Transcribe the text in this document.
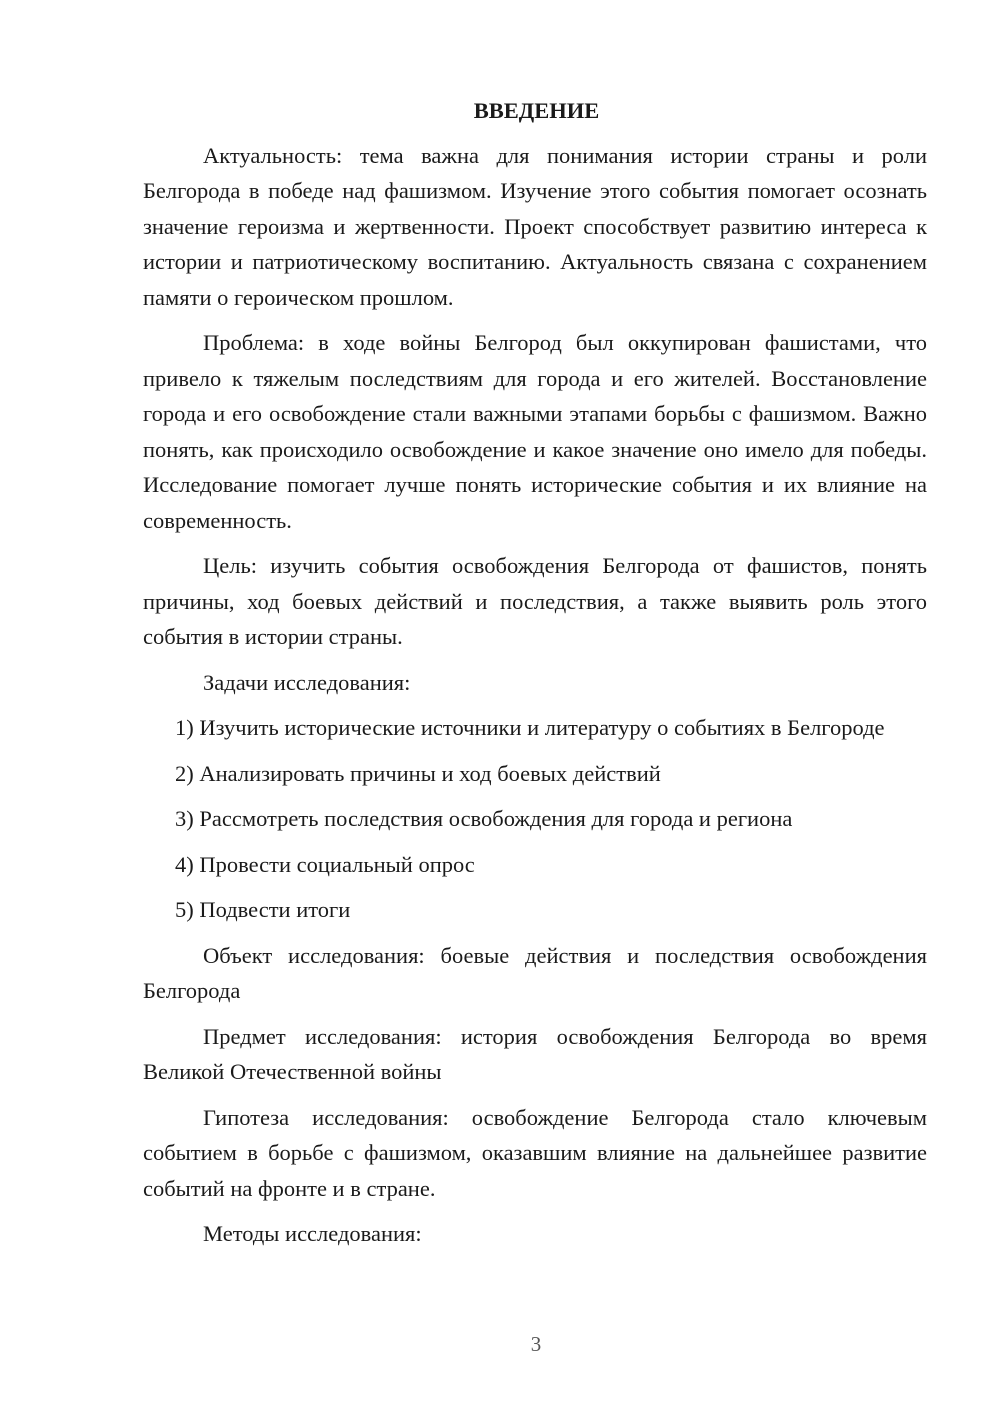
ВВЕДЕНИЕ

Актуальность: тема важна для понимания истории страны и роли Белгорода в победе над фашизмом. Изучение этого события помогает осознать значение героизма и жертвенности. Проект способствует развитию интереса к истории и патриотическому воспитанию. Актуальность связана с сохранением памяти о героическом прошлом.

Проблема: в ходе войны Белгород был оккупирован фашистами, что привело к тяжелым последствиям для города и его жителей. Восстановление города и его освобождение стали важными этапами борьбы с фашизмом. Важно понять, как происходило освобождение и какое значение оно имело для победы. Исследование помогает лучше понять исторические события и их влияние на современность.

Цель: изучить события освобождения Белгорода от фашистов, понять причины, ход боевых действий и последствия, а также выявить роль этого события в истории страны.

Задачи исследования:

1) Изучить исторические источники и литературу о событиях в Белгороде

2) Анализировать причины и ход боевых действий

3) Рассмотреть последствия освобождения для города и региона

4) Провести социальный опрос

5) Подвести итоги

Объект исследования: боевые действия и последствия освобождения Белгорода

Предмет исследования: история освобождения Белгорода во время Великой Отечественной войны

Гипотеза исследования: освобождение Белгорода стало ключевым событием в борьбе с фашизмом, оказавшим влияние на дальнейшее развитие событий на фронте и в стране.

Методы исследования:

3
